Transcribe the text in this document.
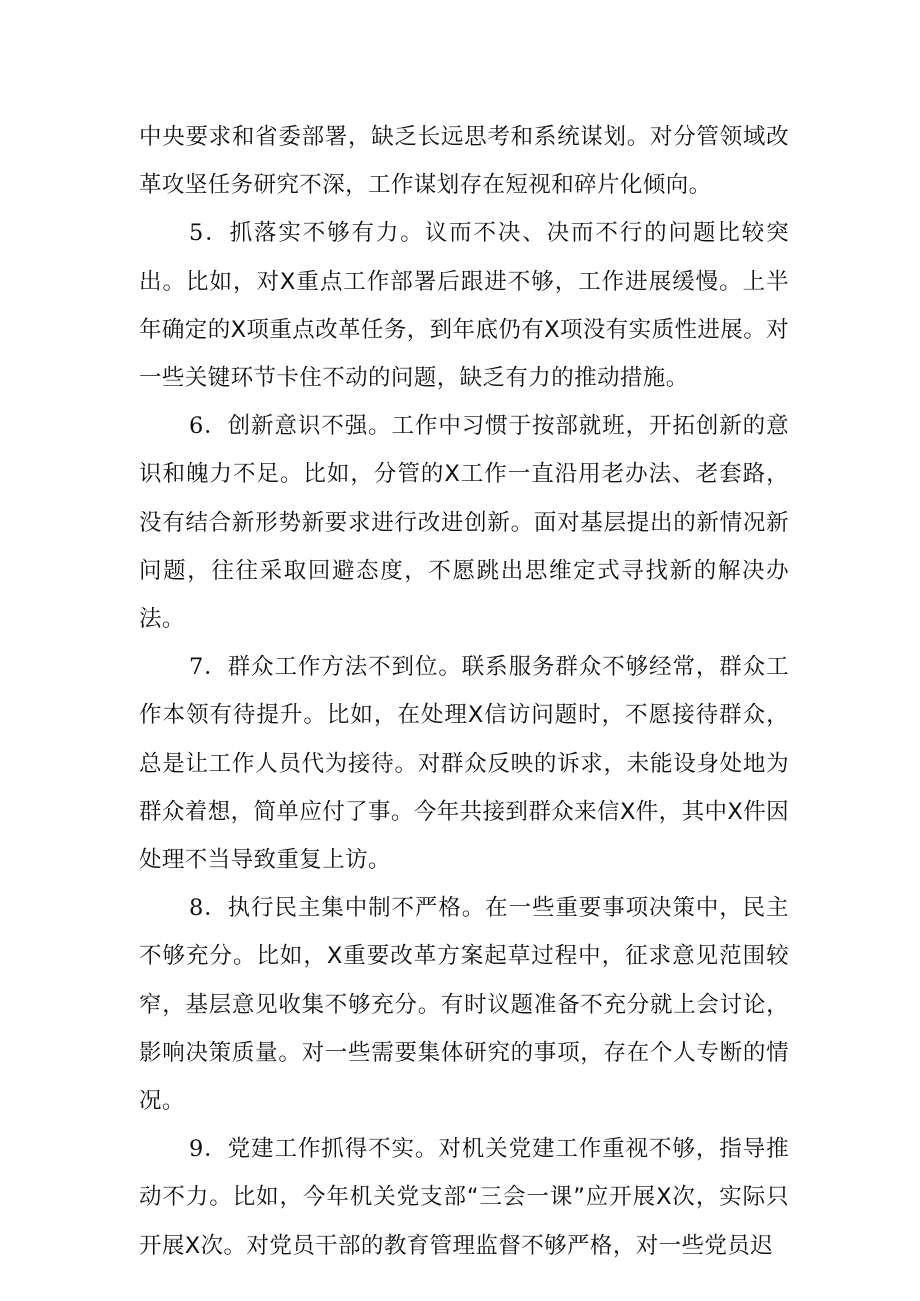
中央要求和省委部署，缺乏长远思考和系统谋划。对分管领域改革攻坚任务研究不深，工作谋划存在短视和碎片化倾向。

5．抓落实不够有力。议而不决、决而不行的问题比较突出。比如，对X重点工作部署后跟进不够，工作进展缓慢。上半年确定的X项重点改革任务，到年底仍有X项没有实质性进展。对一些关键环节卡住不动的问题，缺乏有力的推动措施。

6．创新意识不强。工作中习惯于按部就班，开拓创新的意识和魄力不足。比如，分管的X工作一直沿用老办法、老套路，没有结合新形势新要求进行改进创新。面对基层提出的新情况新问题，往往采取回避态度，不愿跳出思维定式寻找新的解决办法。

7．群众工作方法不到位。联系服务群众不够经常，群众工作本领有待提升。比如，在处理X信访问题时，不愿接待群众，总是让工作人员代为接待。对群众反映的诉求，未能设身处地为群众着想，简单应付了事。今年共接到群众来信X件，其中X件因处理不当导致重复上访。

8．执行民主集中制不严格。在一些重要事项决策中，民主不够充分。比如，X重要改革方案起草过程中，征求意见范围较窄，基层意见收集不够充分。有时议题准备不充分就上会讨论，影响决策质量。对一些需要集体研究的事项，存在个人专断的情况。

9．党建工作抓得不实。对机关党建工作重视不够，指导推动不力。比如，今年机关党支部“三会一课”应开展X次，实际只开展X次。对党员干部的教育管理监督不够严格，对一些党员迟
